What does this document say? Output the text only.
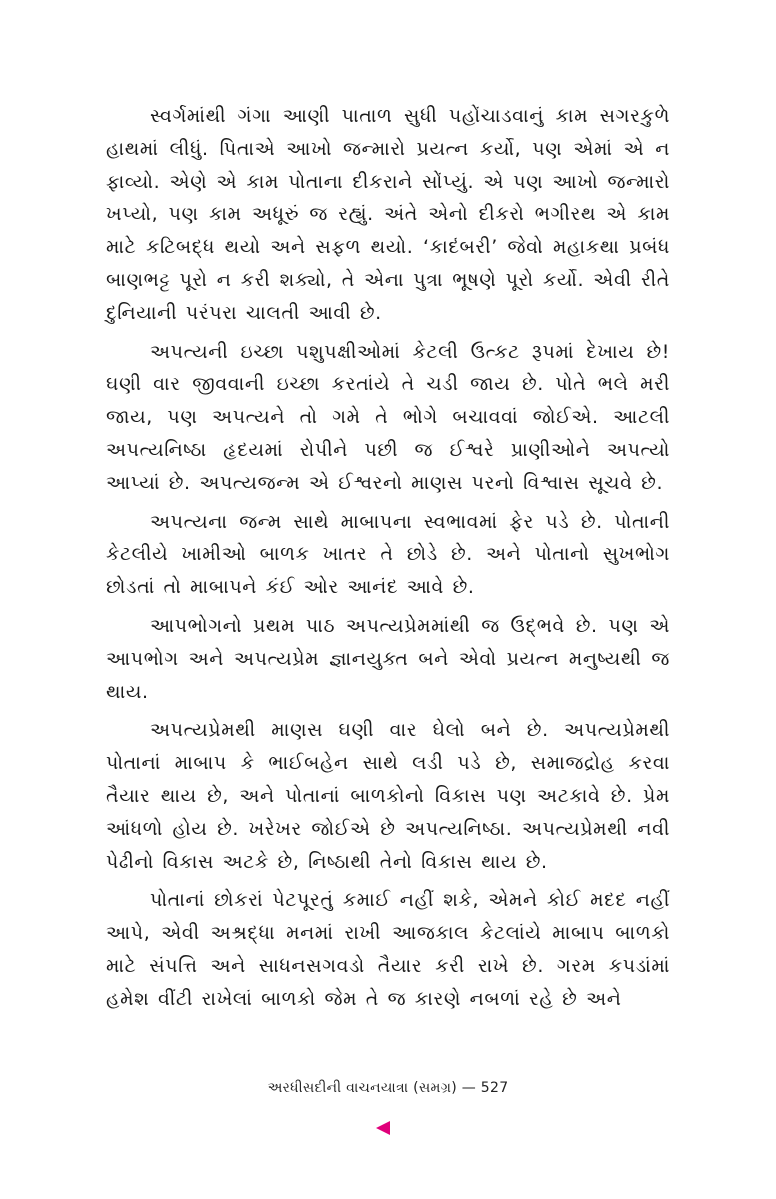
સ્વર્ગમાંથી ગંગા આણી પાતાળ સુધી પહોંચાડવાનું કામ સગરકુળે હાથમાં લીધું. પિતાએ આખો જન્મારો પ્રયત્ન કર્યો, પણ એમાં એ ન ફાવ્યો. એણે એ કામ પોતાના દીકરાને સોંપ્યું. એ પણ આખો જન્મારો ખપ્યો, પણ કામ અધૂરું જ રહ્યું. અંતે એનો દીકરો ભગીરથ એ કામ માટે કટિબદ્ધ થયો અને સફળ થયો. ‘કાદંબરી’ જેવો મહાકથા પ્રબંધ બાણભટ્ટ પૂરો ન કરી શક્યો, તે એના પુત્રા ભૂષણે પૂરો કર્યો. એવી રીતે દુનિયાની પરંપરા ચાલતી આવી છે.

અપત્યની ઇચ્છા પશુપક્ષીઓમાં કેટલી ઉત્કટ રૂપમાં દેખાય છે! ઘણી વાર જીવવાની ઇચ્છા કરતાંયે તે ચડી જાય છે. પોતે ભલે મરી જાય, પણ અપત્યને તો ગમે તે ભોગે બચાવવાં જોઈએ. આટલી અપત્યનિષ્ઠા હૃદયમાં રોપીને પછી જ ઈશ્વરે પ્રાણીઓને અપત્યો આપ્યાં છે. અપત્યજન્મ એ ઈશ્વરનો માણસ પરનો વિશ્વાસ સૂચવે છે.

અપત્યના જન્મ સાથે માબાપના સ્વભાવમાં ફેર પડે છે. પોતાની કેટલીયે ખામીઓ બાળક ખાતર તે છોડે છે. અને પોતાનો સુખભોગ છોડતાં તો માબાપને કંઈ ઓર આનંદ આવે છે.

આપભોગનો પ્રથમ પાઠ અપત્યપ્રેમમાંથી જ ઉદ્ભવે છે. પણ એ આપભોગ અને અપત્યપ્રેમ જ્ઞાનયુક્ત બને એવો પ્રયત્ન મનુષ્યથી જ થાય.

અપત્યપ્રેમથી માણસ ઘણી વાર ઘેલો બને છે. અપત્યપ્રેમથી પોતાનાં માબાપ કે ભાઈબહેન સાથે લડી પડે છે, સમાજદ્રોહ કરવા તૈયાર થાય છે, અને પોતાનાં બાળકોનો વિકાસ પણ અટકાવે છે. પ્રેમ આંધળો હોય છે. ખરેખર જોઈએ છે અપત્યનિષ્ઠા. અપત્યપ્રેમથી નવી પેઢીનો વિકાસ અટકે છે, નિષ્ઠાથી તેનો વિકાસ થાય છે.

પોતાનાં છોકરાં પેટપૂરતું કમાઈ નહીં શકે, એમને કોઈ મદદ નહીં આપે, એવી અશ્રદ્ધા મનમાં રાખી આજકાલ કેટલાંયે માબાપ બાળકો માટે સંપત્તિ અને સાધનસગવડો તૈયાર કરી રાખે છે. ગરમ કપડાંમાં હમેશ વીંટી રાખેલાં બાળકો જેમ તે જ કારણે નબળાં રહે છે અને

અરધીસદીની વાચનયાત્રા (સમગ્ર) — 527
